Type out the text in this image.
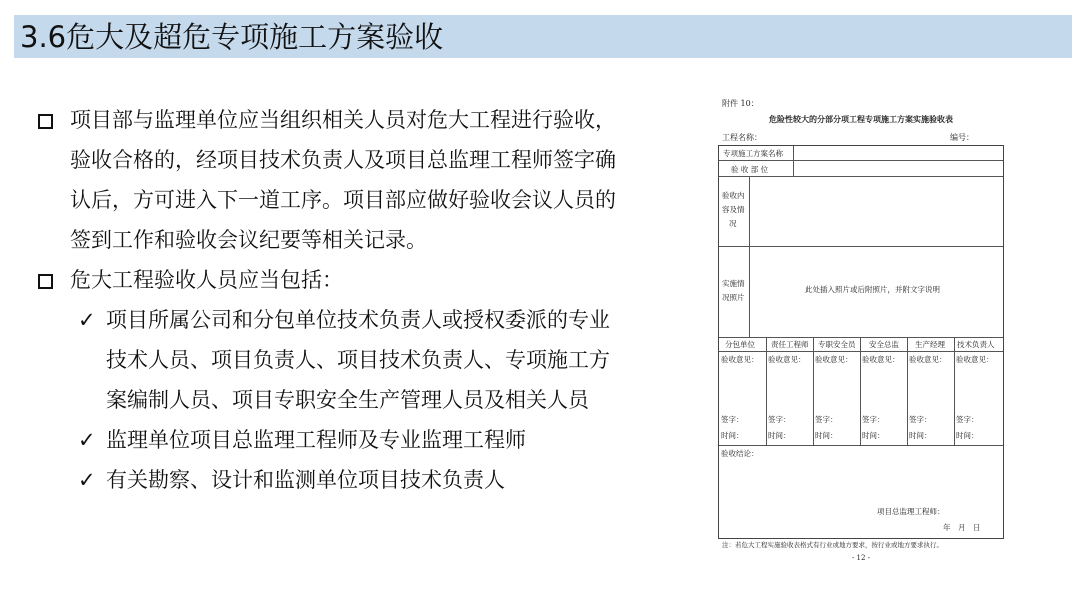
3.6危大及超危专项施工方案验收
项目部与监理单位应当组织相关人员对危大工程进行验收，
验收合格的，经项目技术负责人及项目总监理工程师签字确
认后，方可进入下一道工序。项目部应做好验收会议人员的
签到工作和验收会议纪要等相关记录。
危大工程验收人员应当包括：
✓ 项目所属公司和分包单位技术负责人或授权委派的专业
技术人员、项目负责人、项目技术负责人、专项施工方
案编制人员、项目专职安全生产管理人员及相关人员
✓ 监理单位项目总监理工程师及专业监理工程师
✓ 有关勘察、设计和监测单位项目技术负责人
附件 10：
危险性较大的分部分项工程专项施工方案实施验收表
工程名称：	编号：
专项施工方案名称
验 收 部 位
验收内
容及情
况
实施情
况照片
此处插入照片或后附照片，并附文字说明
分包单位 责任工程师 专职安全员 安全总监 生产经理 技术负责人
验收意见： 验收意见： 验收意见： 验收意见： 验收意见： 验收意见：
签字：	签字：	签字：	签字：	签字：	签字：
时间：	时间：	时间：	时间：	时间：	时间：
验收结论：
项目总监理工程师：
年　月　日
注：若危大工程实施验收表格式有行业或地方要求，按行业或地方要求执行。
- 12 -
